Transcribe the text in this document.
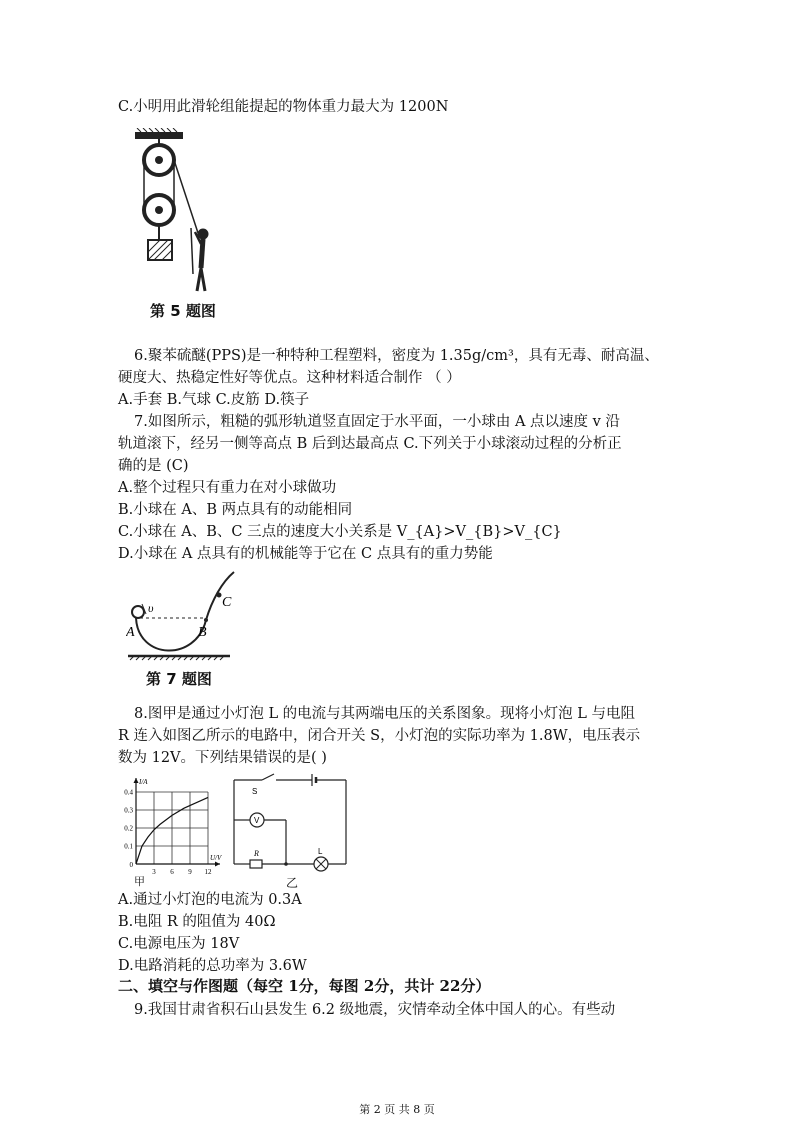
C.小明用此滑轮组能提起的物体重力最大为 1200N
第 5 题图
6.聚苯硫醚(PPS)是一种特种工程塑料，密度为 1.35g/cm³，具有无毒、耐高温、
硬度大、热稳定性好等优点。这种材料适合制作 （ ）
A.手套 B.气球 C.皮筋 D.筷子
7.如图所示，粗糙的弧形轨道竖直固定于水平面，一小球由 A 点以速度 v 沿
轨道滚下，经另一侧等高点 B 后到达最高点 C.下列关于小球滚动过程的分析正
确的是 (C)
A.整个过程只有重力在对小球做功
B.小球在 A、B 两点具有的动能相同
C.小球在 A、B、C 三点的速度大小关系是 V_{A}>V_{B}>V_{C}
D.小球在 A 点具有的机械能等于它在 C 点具有的重力势能
A	B
C
υ
第 7 题图
8.图甲是通过小灯泡 L 的电流与其两端电压的关系图象。现将小灯泡 L 与电阻
R 连入如图乙所示的电路中，闭合开关 S，小灯泡的实际功率为 1.8W，电压表示
数为 12V。下列结果错误的是( )
3 6 9 12
0.1
0.2
0.3
0.4
0
U/V
I/A
S
V
R	L
甲	乙
A.通过小灯泡的电流为 0.3A
B.电阻 R 的阻值为 40Ω
C.电源电压为 18V
D.电路消耗的总功率为 3.6W
二、填空与作图题（每空 1分，每图 2分，共计 22分）
9.我国甘肃省积石山县发生 6.2 级地震，灾情牵动全体中国人的心。有些动
第 2 页 共 8 页
